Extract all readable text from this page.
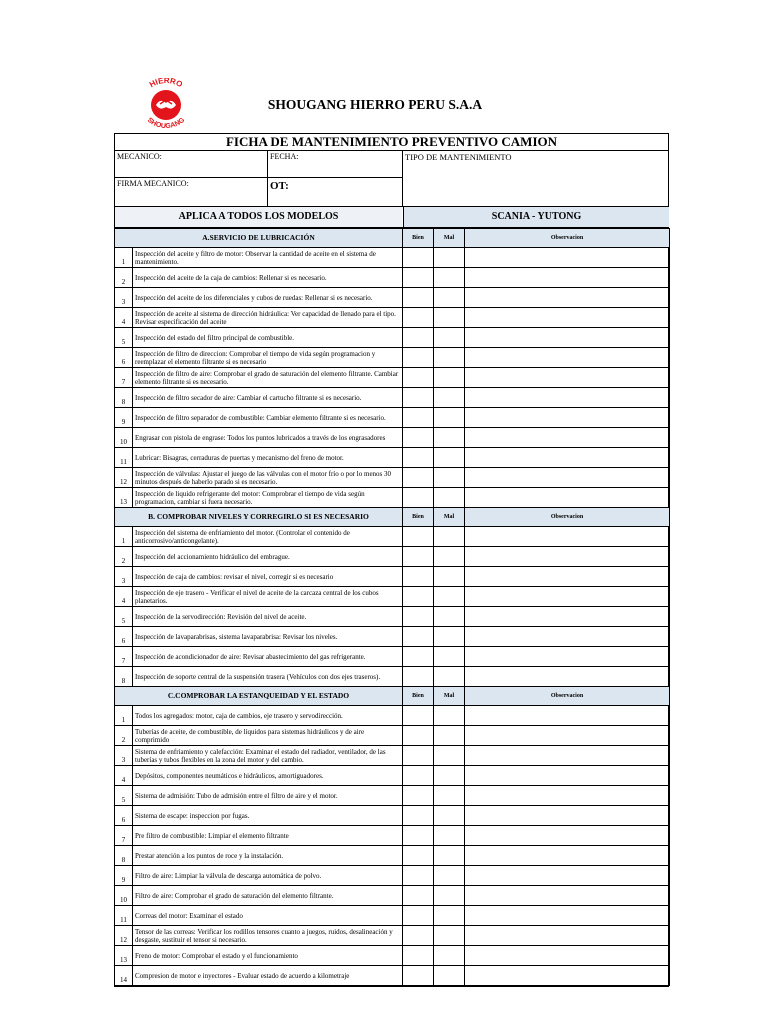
HIERRO
SHOUGANG
SHOUGANG HIERRO PERU S.A.A
FICHA DE MANTENIMIENTO PREVENTIVO CAMION
MECANICO:	FECHA:	TIPO DE MANTENIMIENTO
FIRMA MECANICO:	OT:
APLICA A TODOS LOS MODELOS	SCANIA - YUTONG
A.SERVICIO DE LUBRICACIÓN		Bien	Mal	Observacion
1	Inspección del aceite y filtro de motor: Observar la cantidad de aceite en el sistema de mantenimiento.			
2	Inspección del aceite de la caja de cambios: Rellenar si es necesario.			
3	Inspección del aceite de los diferenciales y cubos de ruedas: Rellenar si es necesario.			
4	Inspección de aceite al sistema de dirección hidráulica: Ver capacidad de llenado para el tipo. Revisar especificación del aceite			
5	Inspección del estado del filtro principal de combustible.			
6	Inspección de filtro de direccion: Comprobar el tiempo de vida según programacion y reemplazar el elemento filtrante si es necesario			
7	Inspección de filtro de aire: Comprobar el grado de saturación del elemento filtrante. Cambiar elemento filtrante si es necesario.			
8	Inspección de filtro secador de aire: Cambiar el cartucho filtrante si es necesario.			
9	Inspección de filtro separador de combustible: Cambiar elemento filtrante si es necesario.			
10	Engrasar con pistola de engrase: Todos los puntos lubricados a través de los engrasadores			
11	Lubricar: Bisagras, cerraduras de puertas y mecanismo del freno de motor.			
12	Inspección de válvulas: Ajustar el juego de las válvulas con el motor frío o por lo menos 30 minutos después de haberlo parado si es necesario.			
13	Inspección de liquido refrigerante del motor: Comprobrar el tiempo de vida según programacion, cambiar si fuera necesario.			
B. COMPROBAR NIVELES Y CORREGIRLO SI ES NECESARIO		Bien	Mal	Observacion
1	Inspección del sistema de enfriamiento del motor. (Controlar el contenido de anticorrosivo/anticongelante).			
2	Inspección del accionamiento hidráulico del embrague.			
3	Inspección de caja de cambios: revisar el nivel, corregir si es necesario			
4	Inspección de eje trasero - Verificar el nivel de aceite de la carcaza central de los cubos planetarios.			
5	Inspección de la servodirección: Revisión del nivel de aceite.			
6	Inspección de lavaparabrisas, sistema lavaparabrisa: Revisar los niveles.			
7	Inspección de acondicionador de aire: Revisar abastecimiento del gas refrigerante.			
8	Inspección de soporte central de la suspensión trasera (Vehículos con dos ejes traseros).			
C.COMPROBAR LA ESTANQUEIDAD Y EL ESTADO		Bien	Mal	Observacion
1	Todos los agregados: motor, caja de cambios, eje trasero y servodirección.			
2	Tuberías de aceite, de combustible, de líquidos para sistemas hidráulicos y de aire comprimido			
3	Sistema de enfriamiento y calefacción: Examinar el estado del radiador, ventilador, de las tuberías y tubos flexibles en la zona del motor y del cambio.			
4	Depósitos, componentes neumáticos e hidráulicos, amortiguadores.			
5	Sistema de admisión: Tubo de admisión entre el filtro de aire y el motor.			
6	Sistema de escape: inspeccion por fugas.			
7	Pre filtro de combustible: Limpiar el elemento filtrante			
8	Prestar atención a los puntos de roce y la instalación.			
9	Filtro de aire: Limpiar la válvula de descarga automática de polvo.			
10	Filtro de aire: Comprobar el grado de saturación del elemento filtrante.			
11	Correas del motor: Examinar el estado			
12	Tensor de las correas: Verificar los rodillos tensores cuanto a juegos, ruidos, desalineación y desgaste, sustituir el tensor si necesario.			
13	Freno de motor: Comprobar el estado y el funcionamiento			
14	Compresion de motor e inyectores - Evaluar estado de acuerdo a kilometraje			
